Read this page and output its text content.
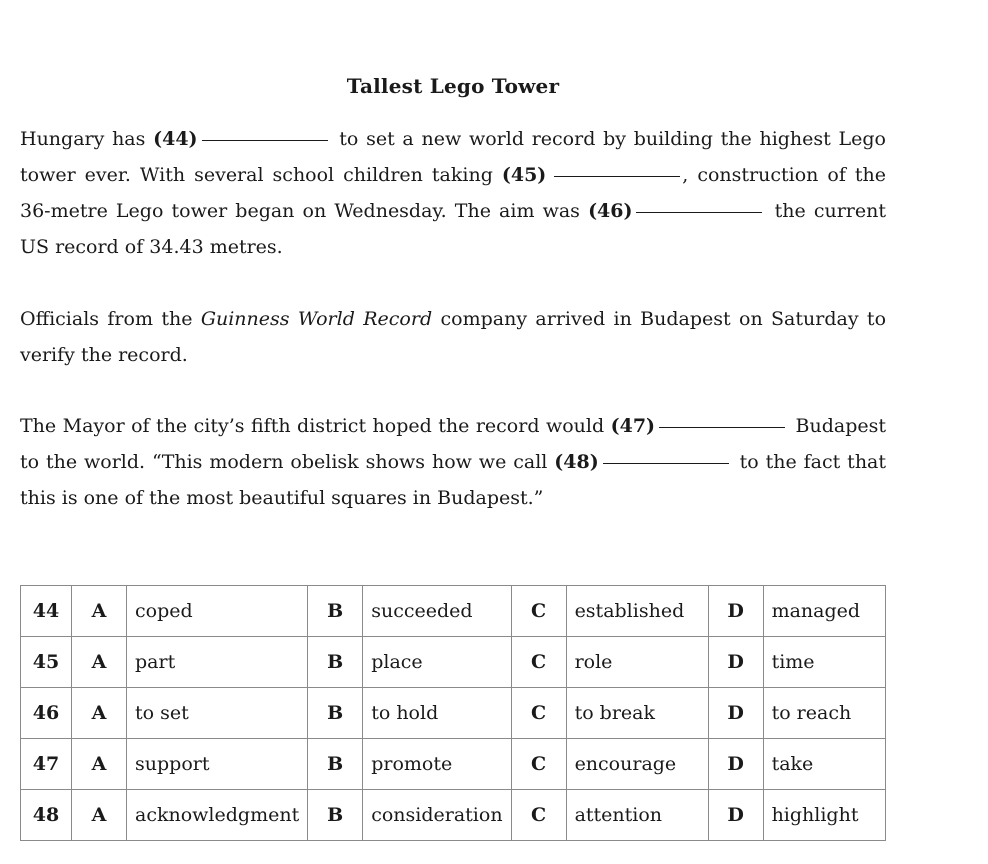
Tallest Lego Tower
Hungary has (44)	to set a new world record by building the highest Lego tower ever. With several school children taking (45)	, construction of the 36-metre Lego tower began on Wednesday. The aim was (46)	the current US record of 34.43 metres.
Officials from the Guinness World Record company arrived in Budapest on Saturday to verify the record.
The Mayor of the city’s fifth district hoped the record would (47)	Budapest to the world. “This modern obelisk shows how we call (48)	to the fact that this is one of the most beautiful squares in Budapest.”
44	A	coped	B	succeeded	C	established	D	managed
45	A	part	B	place	C	role	D	time
46	A	to set	B	to hold	C	to break	D	to reach
47	A	support	B	promote	C	encourage	D	take
48	A	acknowledgment	B	consideration	C	attention	D	highlight
